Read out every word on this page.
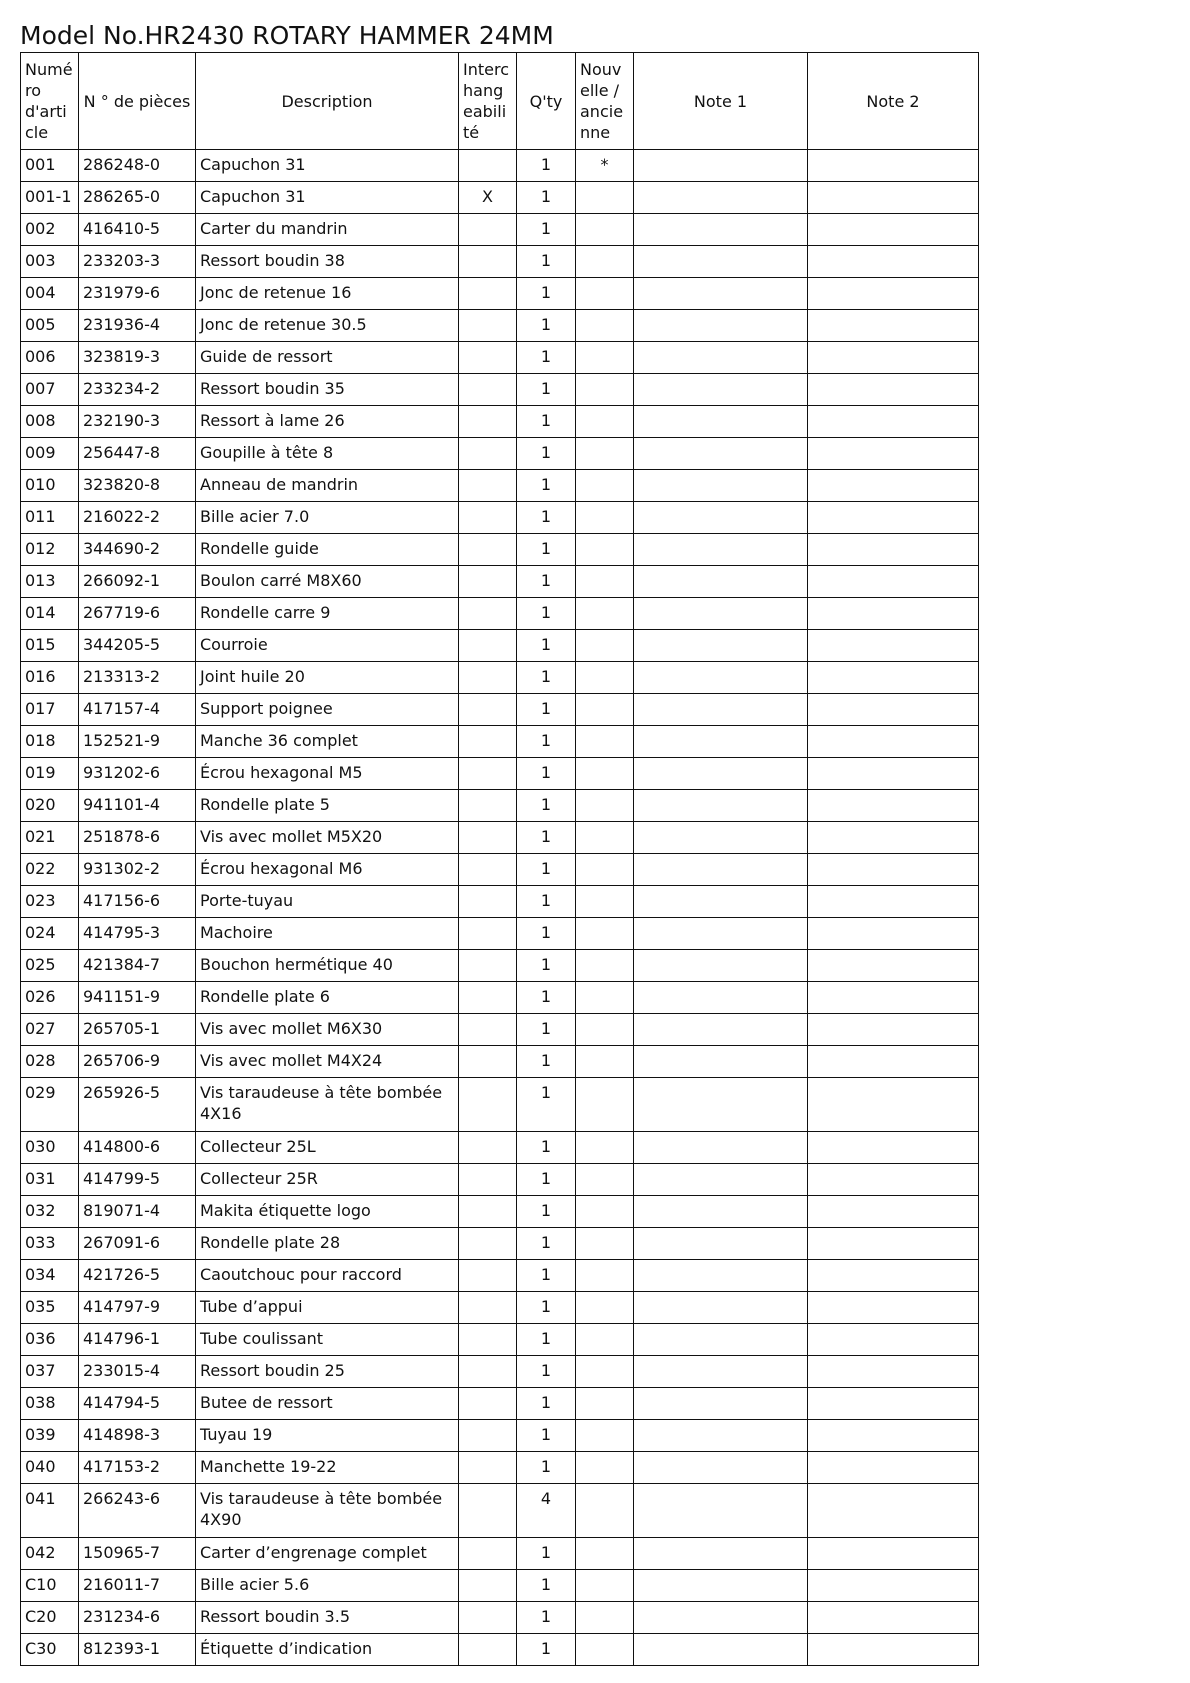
Model No.HR2430 ROTARY HAMMER 24MM
Numéro d'article	N ° de pièces	Description	Interchangeabilité	Q'ty	Nouvelle / ancienne	Note 1	Note 2
001	286248-0	Capuchon 31		1	*		
001-1	286265-0	Capuchon 31	X	1			
002	416410-5	Carter du mandrin		1			
003	233203-3	Ressort boudin 38		1			
004	231979-6	Jonc de retenue 16		1			
005	231936-4	Jonc de retenue 30.5		1			
006	323819-3	Guide de ressort		1			
007	233234-2	Ressort boudin 35		1			
008	232190-3	Ressort à lame 26		1			
009	256447-8	Goupille à tête 8		1			
010	323820-8	Anneau de mandrin		1			
011	216022-2	Bille acier 7.0		1			
012	344690-2	Rondelle guide		1			
013	266092-1	Boulon carré M8X60		1			
014	267719-6	Rondelle carre 9		1			
015	344205-5	Courroie		1			
016	213313-2	Joint huile 20		1			
017	417157-4	Support poignee		1			
018	152521-9	Manche 36 complet		1			
019	931202-6	Écrou hexagonal M5		1			
020	941101-4	Rondelle plate 5		1			
021	251878-6	Vis avec mollet M5X20		1			
022	931302-2	Écrou hexagonal M6		1			
023	417156-6	Porte-tuyau		1			
024	414795-3	Machoire		1			
025	421384-7	Bouchon hermétique 40		1			
026	941151-9	Rondelle plate 6		1			
027	265705-1	Vis avec mollet M6X30		1			
028	265706-9	Vis avec mollet M4X24		1			
029	265926-5	Vis taraudeuse à tête bombée 4X16		1			
030	414800-6	Collecteur 25L		1			
031	414799-5	Collecteur 25R		1			
032	819071-4	Makita étiquette logo		1			
033	267091-6	Rondelle plate 28		1			
034	421726-5	Caoutchouc pour raccord		1			
035	414797-9	Tube d’appui		1			
036	414796-1	Tube coulissant		1			
037	233015-4	Ressort boudin 25		1			
038	414794-5	Butee de ressort		1			
039	414898-3	Tuyau 19		1			
040	417153-2	Manchette 19-22		1			
041	266243-6	Vis taraudeuse à tête bombée 4X90		4			
042	150965-7	Carter d’engrenage complet		1			
C10	216011-7	Bille acier 5.6		1			
C20	231234-6	Ressort boudin 3.5		1			
C30	812393-1	Étiquette d’indication		1			
